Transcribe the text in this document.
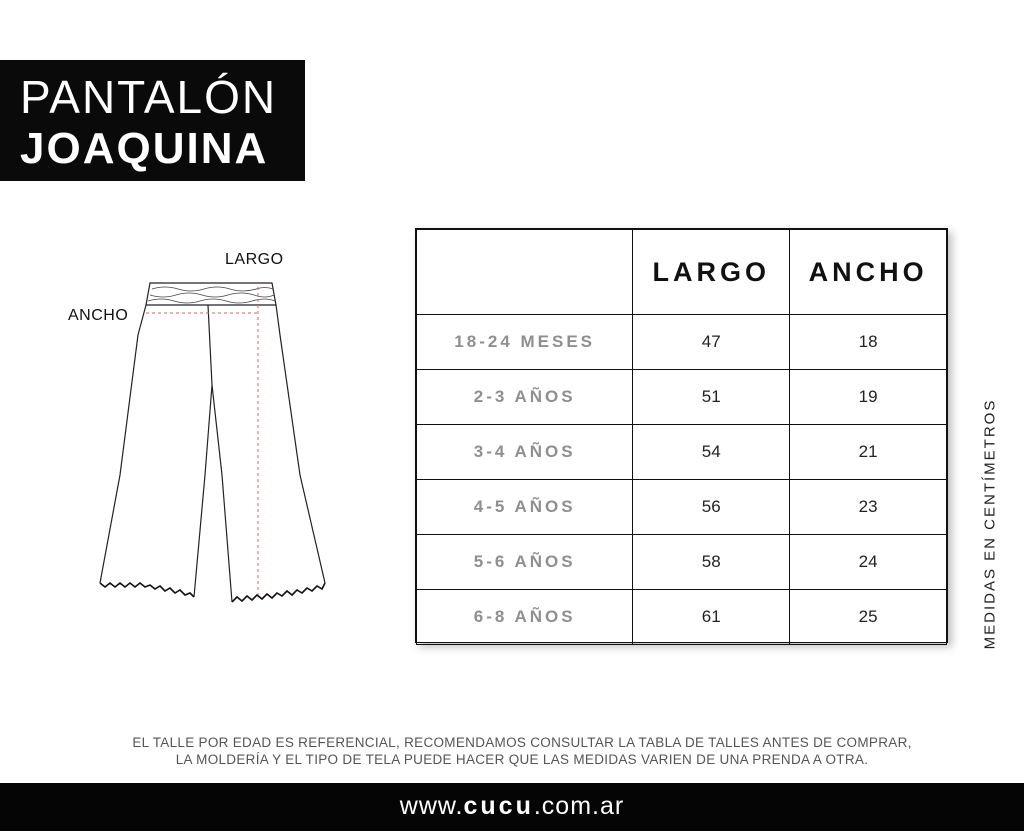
PANTALÓN
JOAQUINA
LARGO
ANCHO
	LARGO	ANCHO
18-24 MESES	47	18
2-3 AÑOS	51	19
3-4 AÑOS	54	21
4-5 AÑOS	56	23
5-6 AÑOS	58	24
6-8 AÑOS	61	25	MEDIDAS EN CENTÍMETROS
EL TALLE POR EDAD ES REFERENCIAL, RECOMENDAMOS CONSULTAR LA TABLA DE TALLES ANTES DE COMPRAR,
LA MOLDERÍA Y EL TIPO DE TELA PUEDE HACER QUE LAS MEDIDAS VARIEN DE UNA PRENDA A OTRA.
www.cucu.com.ar
